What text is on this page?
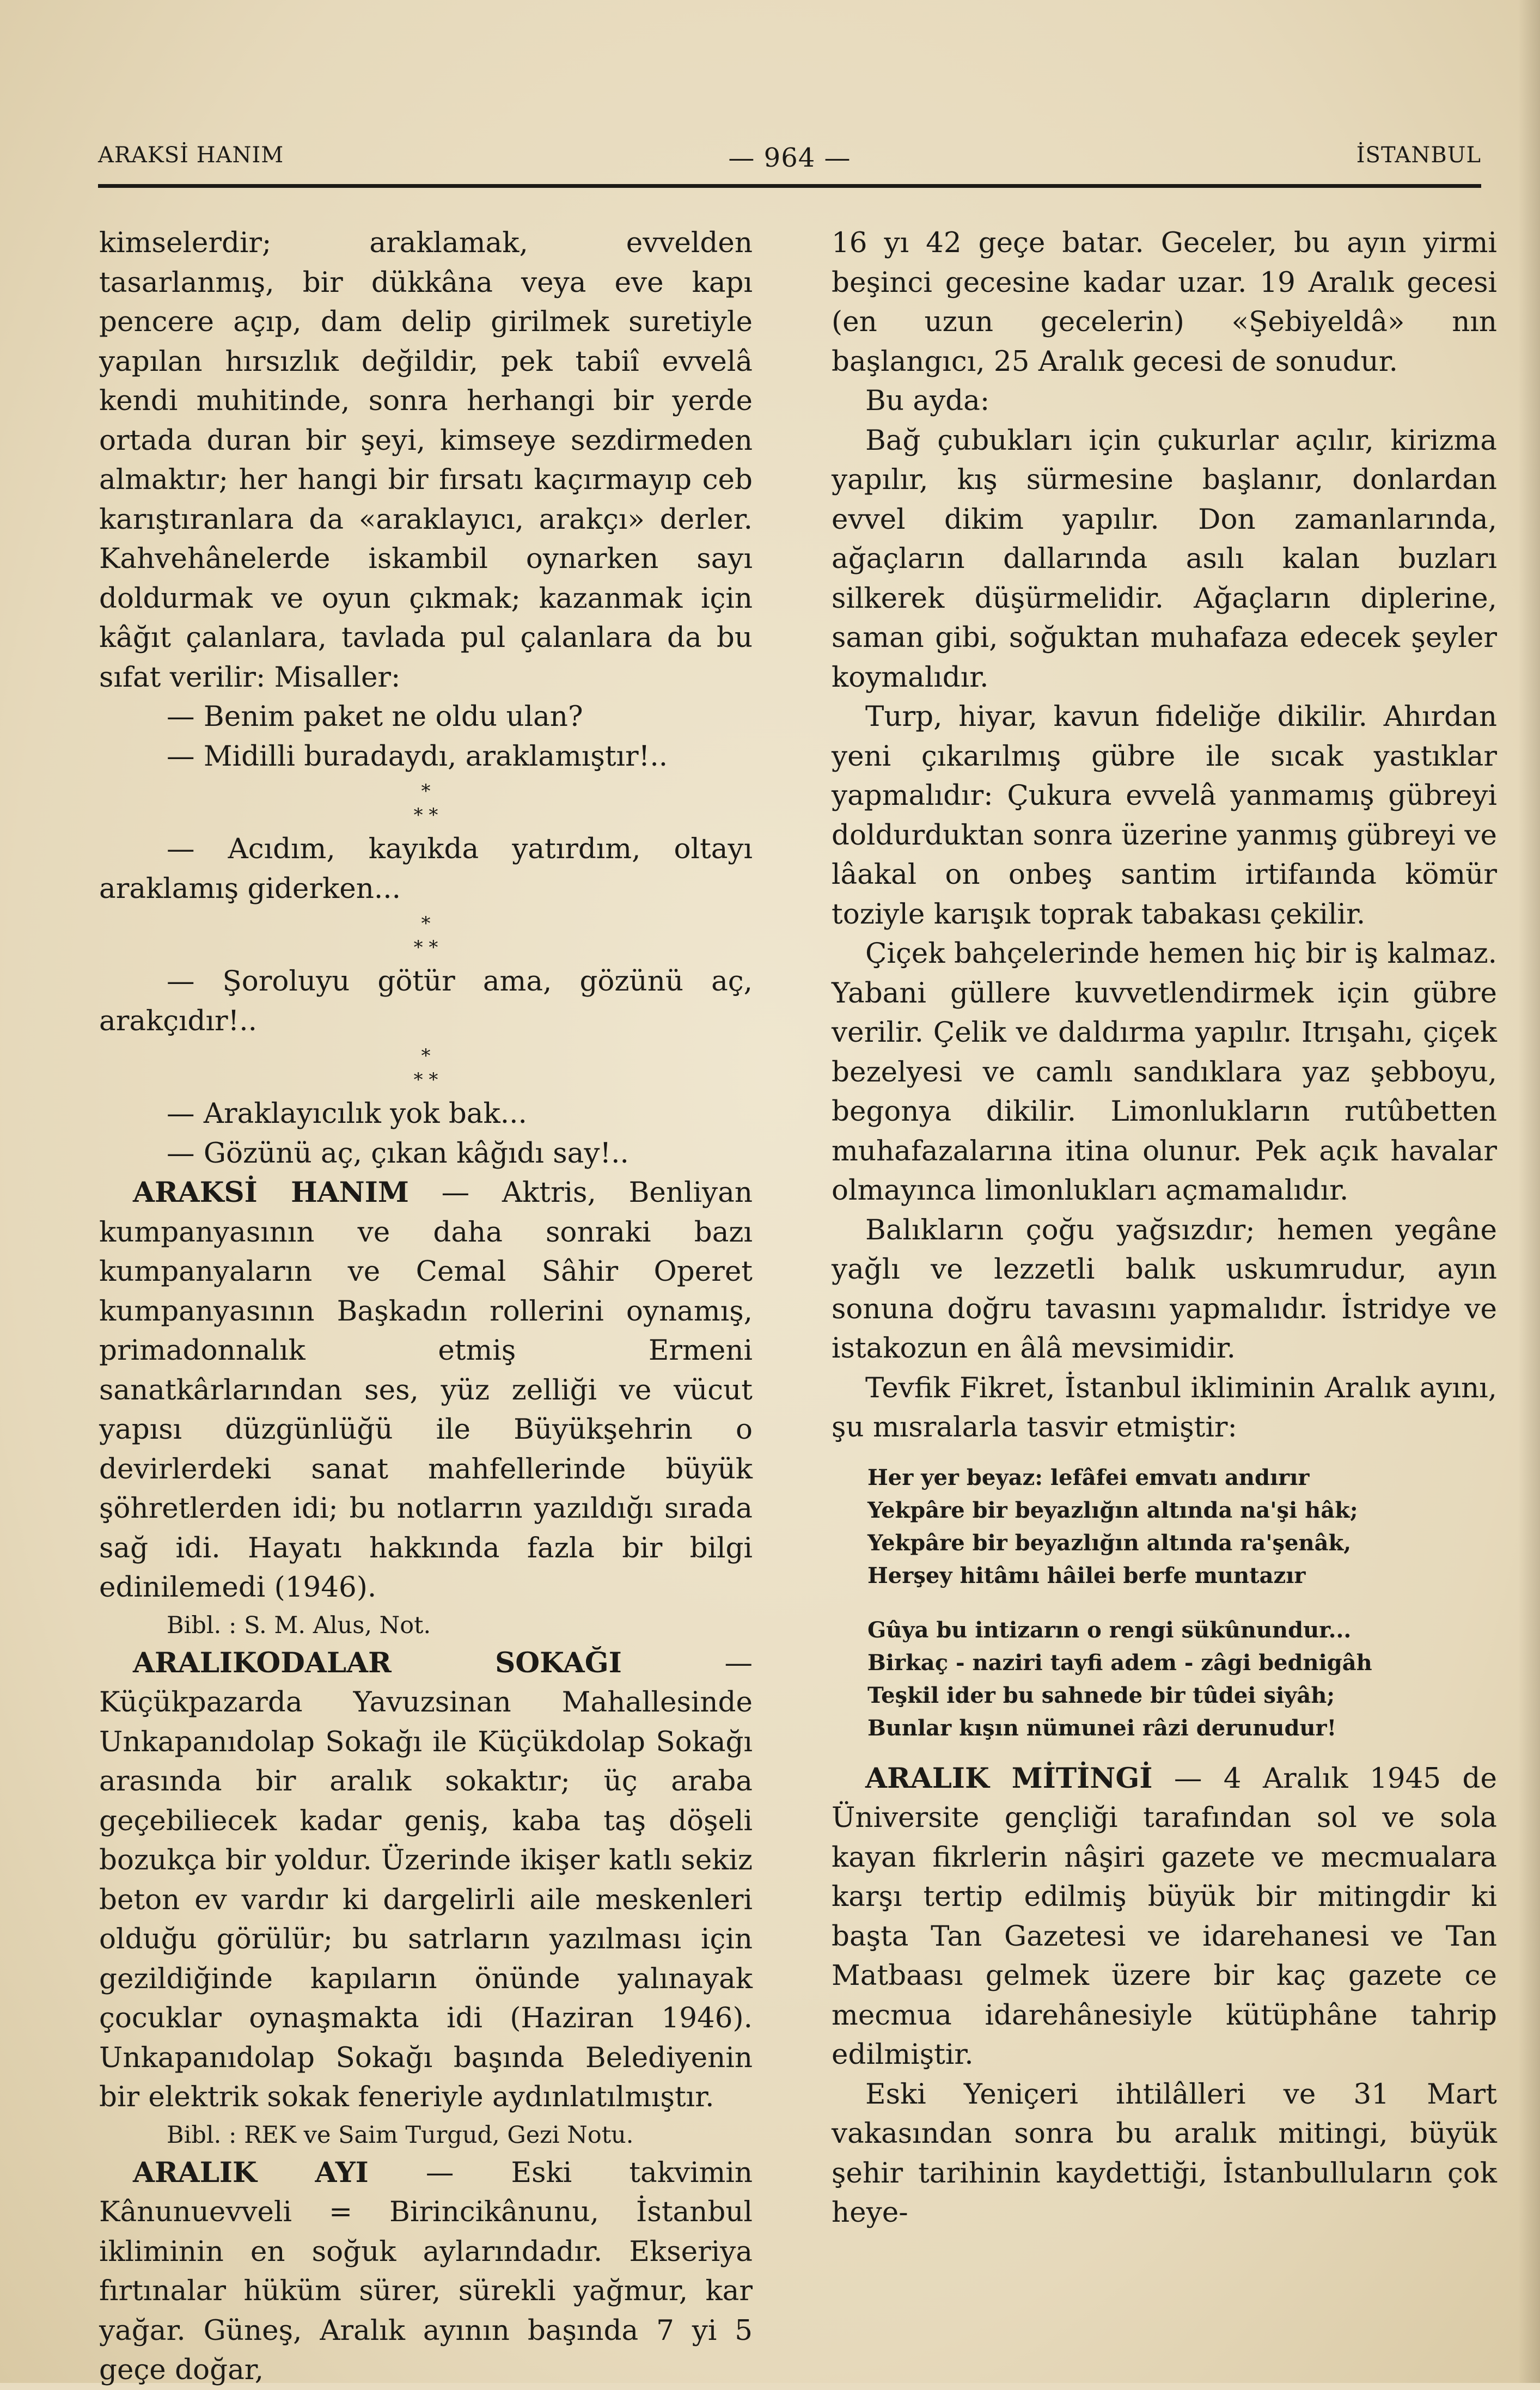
ARAKSİ HANIM	— 964 —	İSTANBUL

kimselerdir; araklamak, evvelden tasarlanmış, bir dükkâna veya eve kapı pencere açıp, dam delip girilmek suretiyle yapılan hırsızlık değildir, pek tabiî evvelâ kendi muhitinde, sonra herhangi bir yerde ortada duran bir şeyi, kimseye sezdirmeden almaktır; her hangi bir fırsatı kaçırmayıp ceb karıştıranlara da «araklayıcı, arakçı» derler. Kahvehânelerde iskambil oynarken sayı doldurmak ve oyun çıkmak; kazanmak için kâğıt çalanlara, tavlada pul çalanlara da bu sıfat verilir: Misaller:

— Benim paket ne oldu ulan?

— Midilli buradaydı, araklamıştır!..

*
* *

— Acıdım, kayıkda yatırdım, oltayı araklamış giderken...

*
* *

— Şoroluyu götür ama, gözünü aç, arakçıdır!..

*
* *

— Araklayıcılık yok bak...

— Gözünü aç, çıkan kâğıdı say!..

ARAKSİ HANIM — Aktris, Benliyan kumpanyasının ve daha sonraki bazı kumpanyaların ve Cemal Sâhir Operet kumpanyasının Başkadın rollerini oynamış, primadonnalık etmiş Ermeni sanatkârlarından ses, yüz zelliği ve vücut yapısı düzgünlüğü ile Büyükşehrin o devirlerdeki sanat mahfellerinde büyük şöhretlerden idi; bu notlarrın yazıldığı sırada sağ idi. Hayatı hakkında fazla bir bilgi edinilemedi (1946).

Bibl. : S. M. Alus, Not.

ARALIKODALAR SOKAĞI — Küçükpazarda Yavuzsinan Mahallesinde Unkapanıdolap Sokağı ile Küçükdolap Sokağı arasında bir aralık sokaktır; üç araba geçebiliecek kadar geniş, kaba taş döşeli bozukça bir yoldur. Üzerinde ikişer katlı sekiz beton ev vardır ki dargelirli aile meskenleri olduğu görülür; bu satrların yazılması için gezildiğinde kapıların önünde yalınayak çocuklar oynaşmakta idi (Haziran 1946). Unkapanıdolap Sokağı başında Belediyenin bir elektrik sokak feneriyle aydınlatılmıştır.

Bibl. : REK ve Saim Turgud, Gezi Notu.

ARALIK AYI — Eski takvimin Kânunuevveli = Birincikânunu, İstanbul ikliminin en soğuk aylarındadır. Ekseriya fırtınalar hüküm sürer, sürekli yağmur, kar yağar. Güneş, Aralık ayının başında 7 yi 5 geçe doğar,

16 yı 42 geçe batar. Geceler, bu ayın yirmi beşinci gecesine kadar uzar. 19 Aralık gecesi (en uzun gecelerin) «Şebiyeldâ» nın başlangıcı, 25 Aralık gecesi de sonudur.

Bu ayda:

Bağ çubukları için çukurlar açılır, kirizma yapılır, kış sürmesine başlanır, donlardan evvel dikim yapılır. Don zamanlarında, ağaçların dallarında asılı kalan buzları silkerek düşürmelidir. Ağaçların diplerine, saman gibi, soğuktan muhafaza edecek şeyler koymalıdır.

Turp, hiyar, kavun fideliğe dikilir. Ahırdan yeni çıkarılmış gübre ile sıcak yastıklar yapmalıdır: Çukura evvelâ yanmamış gübreyi doldurduktan sonra üzerine yanmış gübreyi ve lâakal on onbeş santim irtifaında kömür toziyle karışık toprak tabakası çekilir.

Çiçek bahçelerinde hemen hiç bir iş kalmaz. Yabani güllere kuvvetlendirmek için gübre verilir. Çelik ve daldırma yapılır. Itrışahı, çiçek bezelyesi ve camlı sandıklara yaz şebboyu, begonya dikilir. Limonlukların rutûbetten muhafazalarına itina olunur. Pek açık havalar olmayınca limonlukları açmamalıdır.

Balıkların çoğu yağsızdır; hemen yegâne yağlı ve lezzetli balık uskumrudur, ayın sonuna doğru tavasını yapmalıdır. İstridye ve istakozun en âlâ mevsimidir.

Tevfik Fikret, İstanbul ikliminin Aralık ayını, şu mısralarla tasvir etmiştir:

Her yer beyaz: lefâfei emvatı andırır
Yekpâre bir beyazlığın altında na'şi hâk;
Yekpâre bir beyazlığın altında ra'şenâk,
Herşey hitâmı hâilei berfe muntazır
Gûya bu intizarın o rengi sükûnundur...
Birkaç - naziri tayfi adem - zâgi bednigâh
Teşkil ider bu sahnede bir tûdei siyâh;
Bunlar kışın nümunei râzi derunudur!

ARALIK MİTİNGİ — 4 Aralık 1945 de Üniversite gençliği tarafından sol ve sola kayan fikrlerin nâşiri gazete ve mecmualara karşı tertip edilmiş büyük bir mitingdir ki başta Tan Gazetesi ve idarehanesi ve Tan Matbaası gelmek üzere bir kaç gazete ce mecmua idarehânesiyle kütüphâne tahrip edilmiştir.

Eski Yeniçeri ihtilâlleri ve 31 Mart vakasından sonra bu aralık mitingi, büyük şehir tarihinin kaydettiği, İstanbulluların çok heye-
